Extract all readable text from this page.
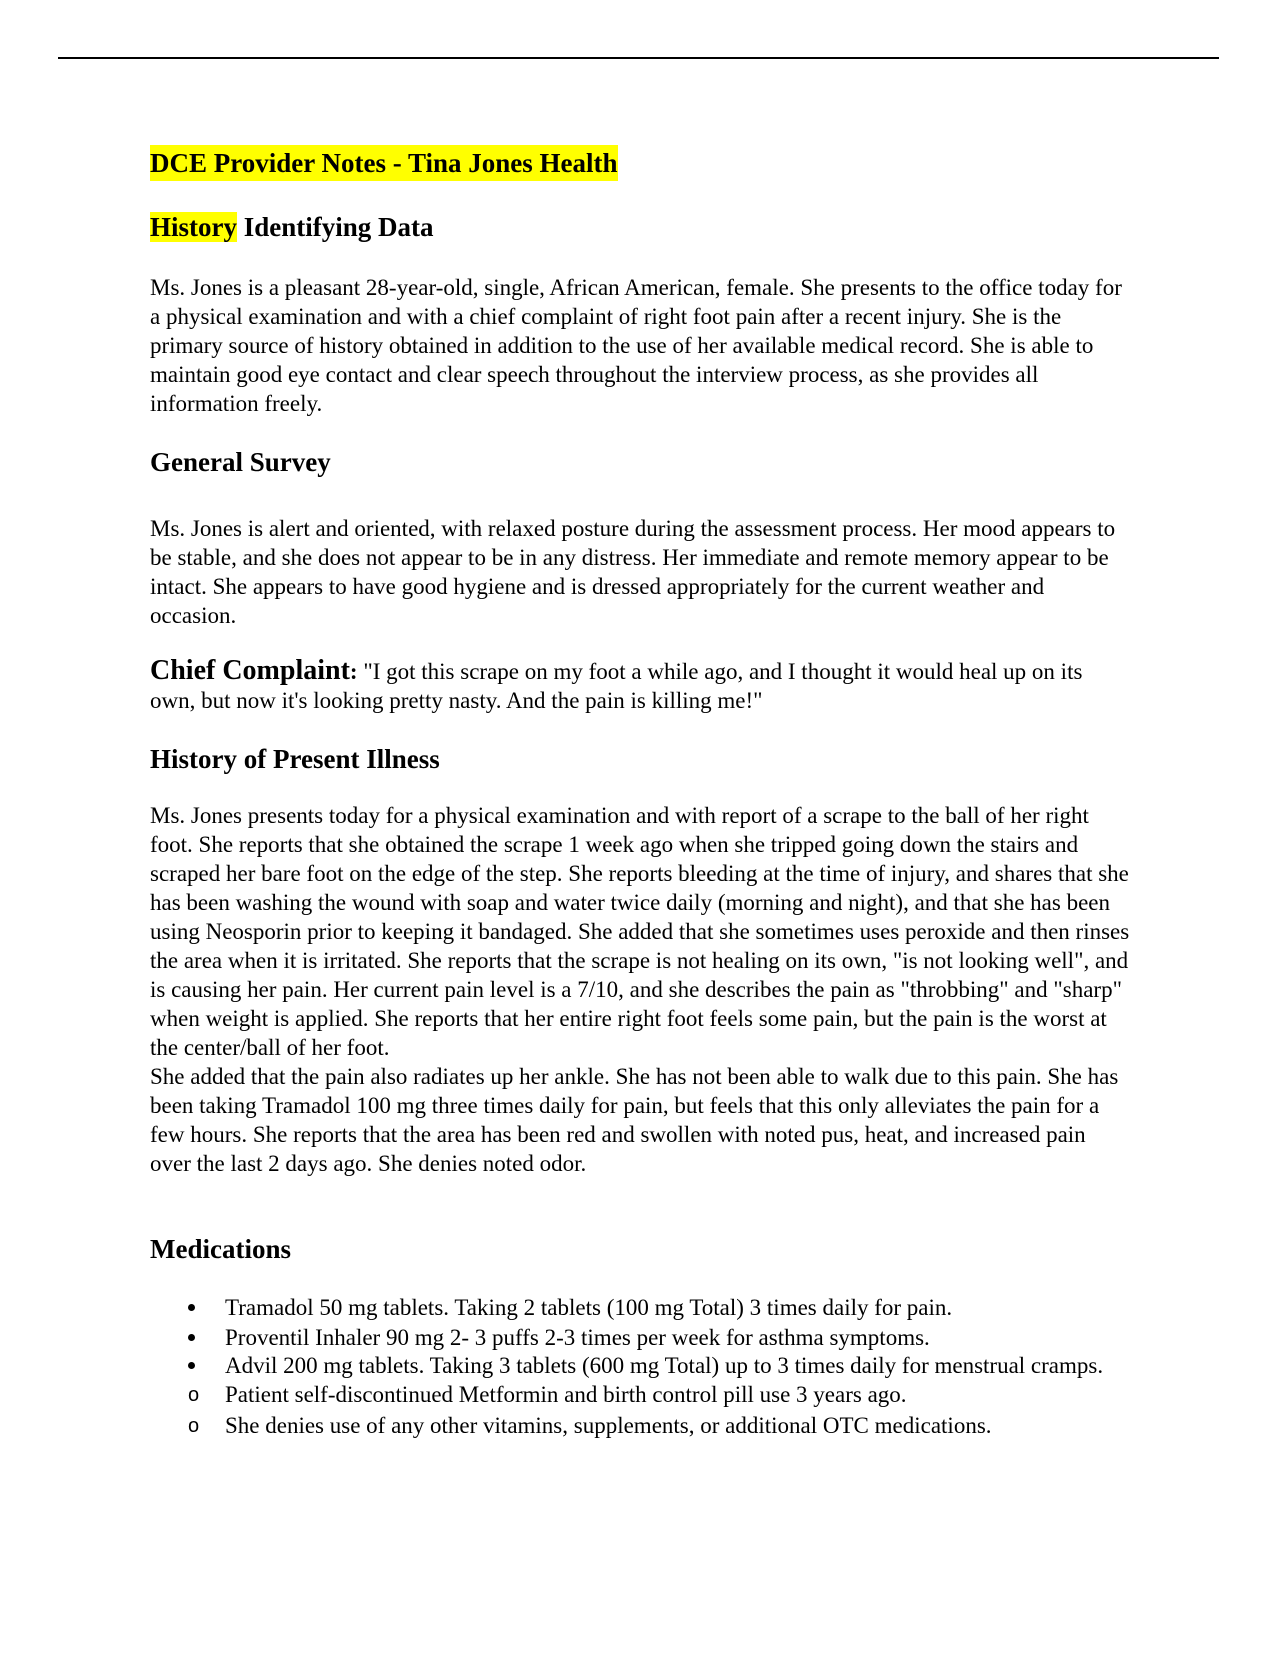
DCE Provider Notes - Tina Jones Health
History Identifying Data

Ms. Jones is a pleasant 28-year-old, single, African American, female. She presents to the office today for a physical examination and with a chief complaint of right foot pain after a recent injury. She is the primary source of history obtained in addition to the use of her available medical record. She is able to maintain good eye contact and clear speech throughout the interview process, as she provides all information freely.

General Survey

Ms. Jones is alert and oriented, with relaxed posture during the assessment process. Her mood appears to be stable, and she does not appear to be in any distress. Her immediate and remote memory appear to be intact. She appears to have good hygiene and is dressed appropriately for the current weather and occasion.

Chief Complaint: "I got this scrape on my foot a while ago, and I thought it would heal up on its own, but now it's looking pretty nasty. And the pain is killing me!"

History of Present Illness

Ms. Jones presents today for a physical examination and with report of a scrape to the ball of her right foot. She reports that she obtained the scrape 1 week ago when she tripped going down the stairs and scraped her bare foot on the edge of the step. She reports bleeding at the time of injury, and shares that she has been washing the wound with soap and water twice daily (morning and night), and that she has been using Neosporin prior to keeping it bandaged. She added that she sometimes uses peroxide and then rinses the area when it is irritated. She reports that the scrape is not healing on its own, "is not looking well", and is causing her pain. Her current pain level is a 7/10, and she describes the pain as "throbbing" and "sharp" when weight is applied. She reports that her entire right foot feels some pain, but the pain is the worst at the center/ball of her foot.

She added that the pain also radiates up her ankle. She has not been able to walk due to this pain. She has been taking Tramadol 100 mg three times daily for pain, but feels that this only alleviates the pain for a few hours. She reports that the area has been red and swollen with noted pus, heat, and increased pain over the last 2 days ago. She denies noted odor.

Medications
Tramadol 50 mg tablets. Taking 2 tablets (100 mg Total) 3 times daily for pain.
Proventil Inhaler 90 mg 2- 3 puffs 2-3 times per week for asthma symptoms.
Advil 200 mg tablets. Taking 3 tablets (600 mg Total) up to 3 times daily for menstrual cramps.
o	Patient self-discontinued Metformin and birth control pill use 3 years ago.
o	She denies use of any other vitamins, supplements, or additional OTC medications.
